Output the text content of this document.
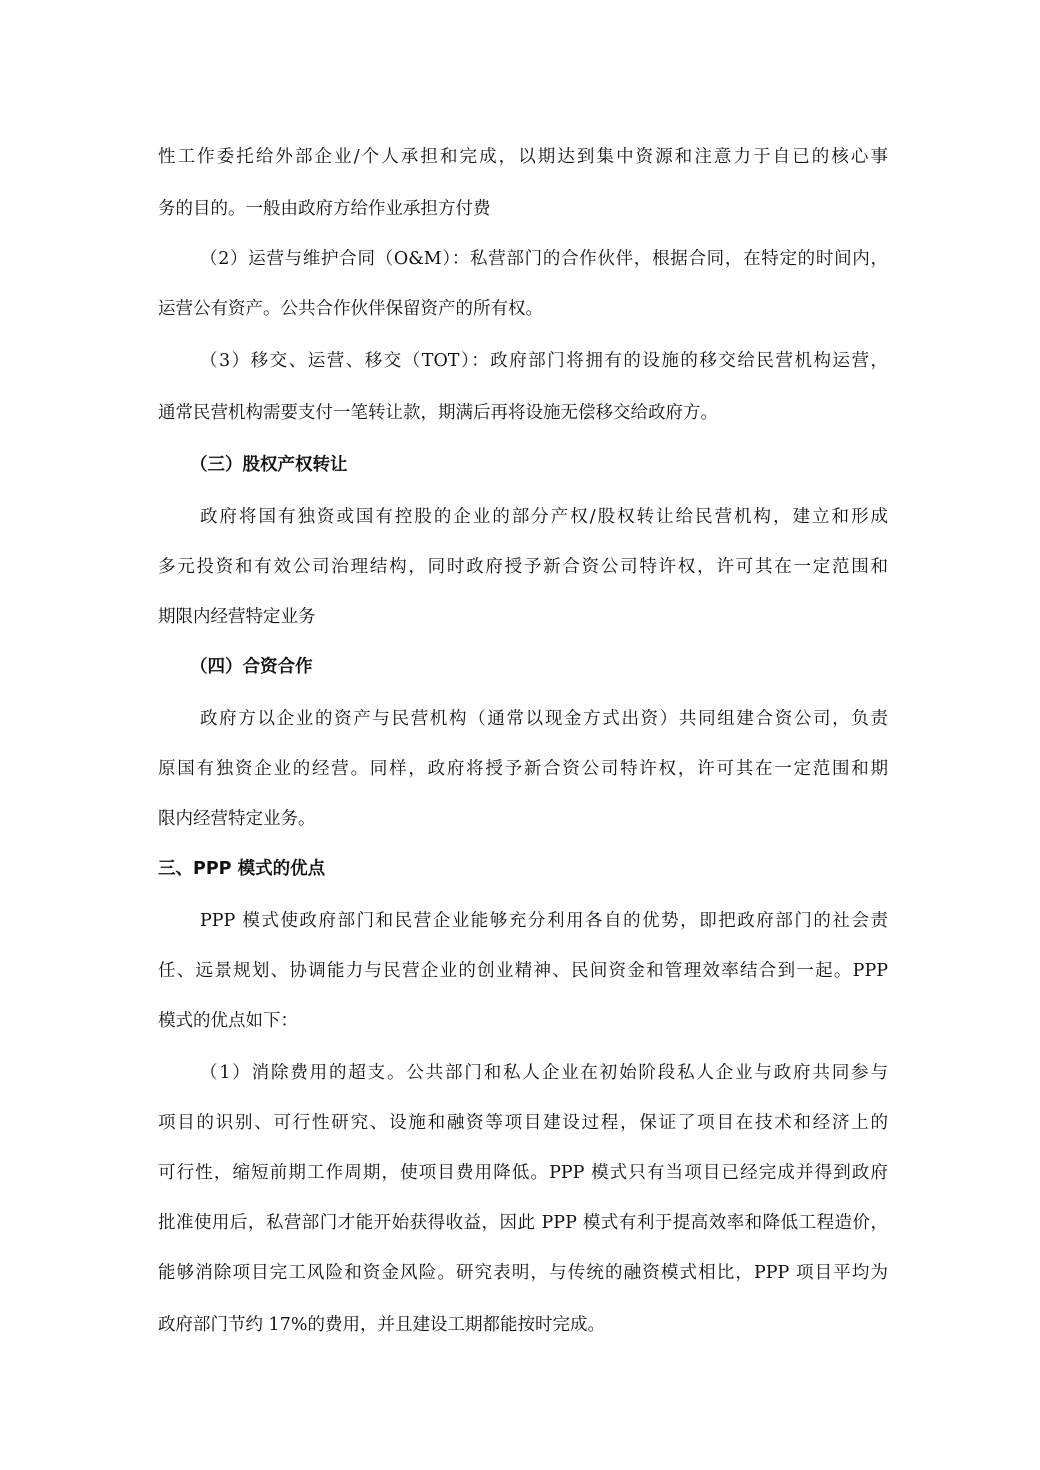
性工作委托给外部企业/个人承担和完成，以期达到集中资源和注意力于自已的核心事
务的目的。一般由政府方给作业承担方付费
（2）运营与维护合同（O&M）：私营部门的合作伙伴，根据合同，在特定的时间内，
运营公有资产。公共合作伙伴保留资产的所有权。
（3）移交、运营、移交（TOT）：政府部门将拥有的设施的移交给民营机构运营，
通常民营机构需要支付一笔转让款，期满后再将设施无偿移交给政府方。
（三）股权产权转让
政府将国有独资或国有控股的企业的部分产权/股权转让给民营机构，建立和形成
多元投资和有效公司治理结构，同时政府授予新合资公司特许权，许可其在一定范围和
期限内经营特定业务
（四）合资合作
政府方以企业的资产与民营机构（通常以现金方式出资）共同组建合资公司，负责
原国有独资企业的经营。同样，政府将授予新合资公司特许权，许可其在一定范围和期
限内经营特定业务。
三、PPP 模式的优点
PPP 模式使政府部门和民营企业能够充分利用各自的优势，即把政府部门的社会责
任、远景规划、协调能力与民营企业的创业精神、民间资金和管理效率结合到一起。PPP
模式的优点如下：
（1）消除费用的超支。公共部门和私人企业在初始阶段私人企业与政府共同参与
项目的识别、可行性研究、设施和融资等项目建设过程，保证了项目在技术和经济上的
可行性，缩短前期工作周期，使项目费用降低。PPP 模式只有当项目已经完成并得到政府
批准使用后，私营部门才能开始获得收益，因此 PPP 模式有利于提高效率和降低工程造价，
能够消除项目完工风险和资金风险。研究表明，与传统的融资模式相比，PPP 项目平均为
政府部门节约 17%的费用，并且建设工期都能按时完成。
